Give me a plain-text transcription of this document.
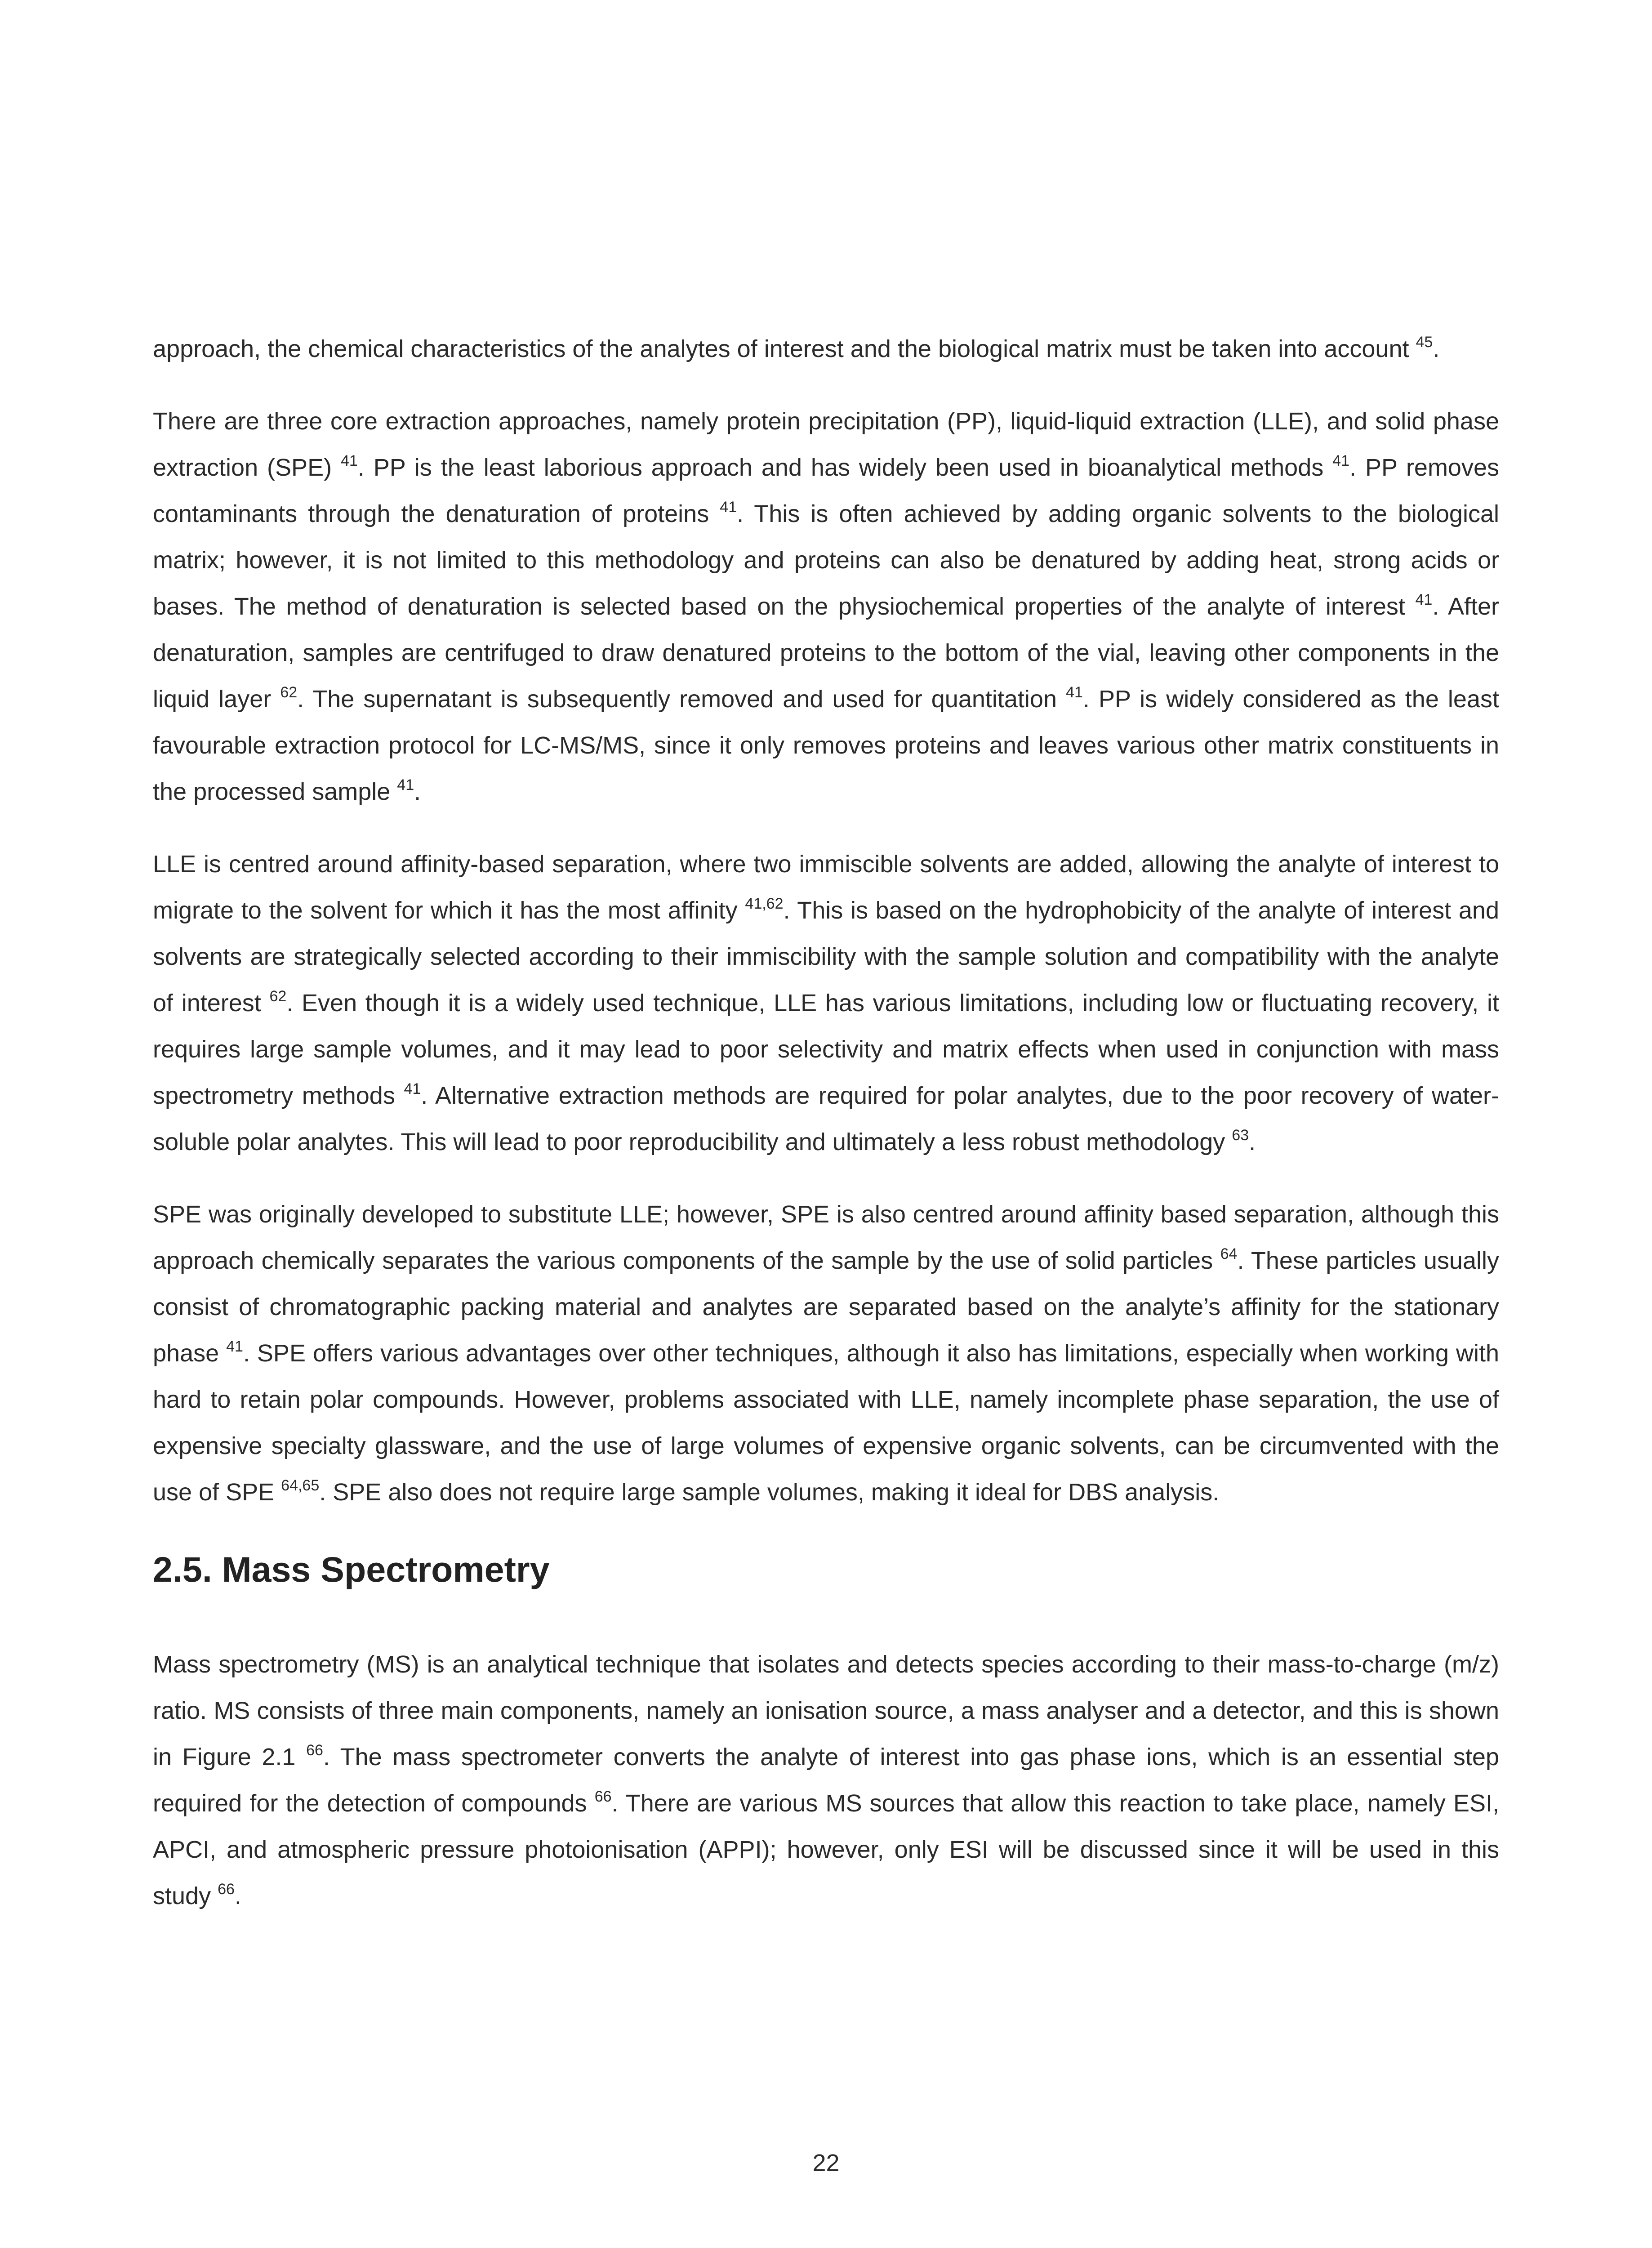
approach, the chemical characteristics of the analytes of interest and the biological matrix must be taken into account $^{45}$.

There are three core extraction approaches, namely protein precipitation (PP), liquid-liquid extraction (LLE), and solid phase extraction (SPE) $^{41}$. PP is the least laborious approach and has widely been used in bioanalytical methods $^{41}$. PP removes contaminants through the denaturation of proteins $^{41}$. This is often achieved by adding organic solvents to the biological matrix; however, it is not limited to this methodology and proteins can also be denatured by adding heat, strong acids or bases. The method of denaturation is selected based on the physiochemical properties of the analyte of interest $^{41}$. After denaturation, samples are centrifuged to draw denatured proteins to the bottom of the vial, leaving other components in the liquid layer $^{62}$. The supernatant is subsequently removed and used for quantitation $^{41}$. PP is widely considered as the least favourable extraction protocol for LC-MS/MS, since it only removes proteins and leaves various other matrix constituents in the processed sample $^{41}$.

LLE is centred around affinity-based separation, where two immiscible solvents are added, allowing the analyte of interest to migrate to the solvent for which it has the most affinity $^{41,62}$. This is based on the hydrophobicity of the analyte of interest and solvents are strategically selected according to their immiscibility with the sample solution and compatibility with the analyte of interest $^{62}$. Even though it is a widely used technique, LLE has various limitations, including low or fluctuating recovery, it requires large sample volumes, and it may lead to poor selectivity and matrix effects when used in conjunction with mass spectrometry methods $^{41}$. Alternative extraction methods are required for polar analytes, due to the poor recovery of water-soluble polar analytes. This will lead to poor reproducibility and ultimately a less robust methodology $^{63}$.

SPE was originally developed to substitute LLE; however, SPE is also centred around affinity based separation, although this approach chemically separates the various components of the sample by the use of solid particles $^{64}$. These particles usually consist of chromatographic packing material and analytes are separated based on the analyte’s affinity for the stationary phase $^{41}$. SPE offers various advantages over other techniques, although it also has limitations, especially when working with hard to retain polar compounds. However, problems associated with LLE, namely incomplete phase separation, the use of expensive specialty glassware, and the use of large volumes of expensive organic solvents, can be circumvented with the use of SPE $^{64,65}$. SPE also does not require large sample volumes, making it ideal for DBS analysis.

2.5. Mass Spectrometry

Mass spectrometry (MS) is an analytical technique that isolates and detects species according to their mass-to-charge (m/z) ratio. MS consists of three main components, namely an ionisation source, a mass analyser and a detector, and this is shown in Figure 2.1 $^{66}$. The mass spectrometer converts the analyte of interest into gas phase ions, which is an essential step required for the detection of compounds $^{66}$. There are various MS sources that allow this reaction to take place, namely ESI, APCI, and atmospheric pressure photoionisation (APPI); however, only ESI will be discussed since it will be used in this study $^{66}$.

22
